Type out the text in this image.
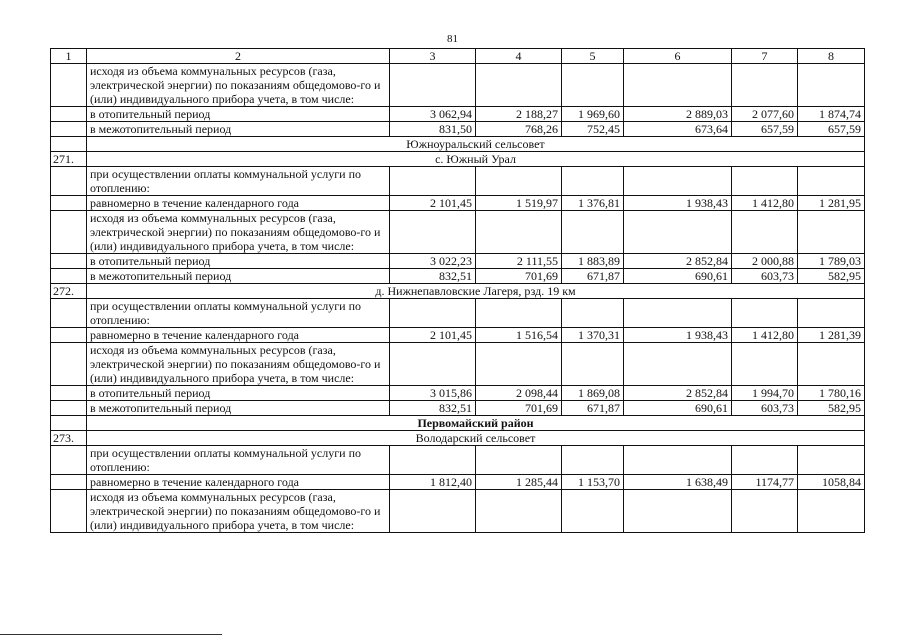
81
1	2	3	4	5	6	7	8
	исходя из объема коммунальных ресурсов (газа, электрической энергии) по показаниям общедомово-го и (или) индивидуального прибора учета, в том числе:						
	в отопительный период	3 062,94	2 188,27	1 969,60	2 889,03	2 077,60	1 874,74
	в межотопительный период	831,50	768,26	752,45	673,64	657,59	657,59
	Южноуральский сельсовет						
271.	с. Южный Урал						
	при осуществлении оплаты коммунальной услуги по отоплению:						
	равномерно в течение календарного года	2 101,45	1 519,97	1 376,81	1 938,43	1 412,80	1 281,95
	исходя из объема коммунальных ресурсов (газа, электрической энергии) по показаниям общедомово-го и (или) индивидуального прибора учета, в том числе:						
	в отопительный период	3 022,23	2 111,55	1 883,89	2 852,84	2 000,88	1 789,03
	в межотопительный период	832,51	701,69	671,87	690,61	603,73	582,95
272.	д. Нижнепавловские Лагеря, рзд. 19 км						
	при осуществлении оплаты коммунальной услуги по отоплению:						
	равномерно в течение календарного года	2 101,45	1 516,54	1 370,31	1 938,43	1 412,80	1 281,39
	исходя из объема коммунальных ресурсов (газа, электрической энергии) по показаниям общедомово-го и (или) индивидуального прибора учета, в том числе:						
	в отопительный период	3 015,86	2 098,44	1 869,08	2 852,84	1 994,70	1 780,16
	в межотопительный период	832,51	701,69	671,87	690,61	603,73	582,95
	Первомайский район						
273.	Володарский сельсовет						
	при осуществлении оплаты коммунальной услуги по отоплению:						
	равномерно в течение календарного года	1 812,40	1 285,44	1 153,70	1 638,49	1174,77	1058,84
	исходя из объема коммунальных ресурсов (газа, электрической энергии) по показаниям общедомово-го и (или) индивидуального прибора учета, в том числе:						
